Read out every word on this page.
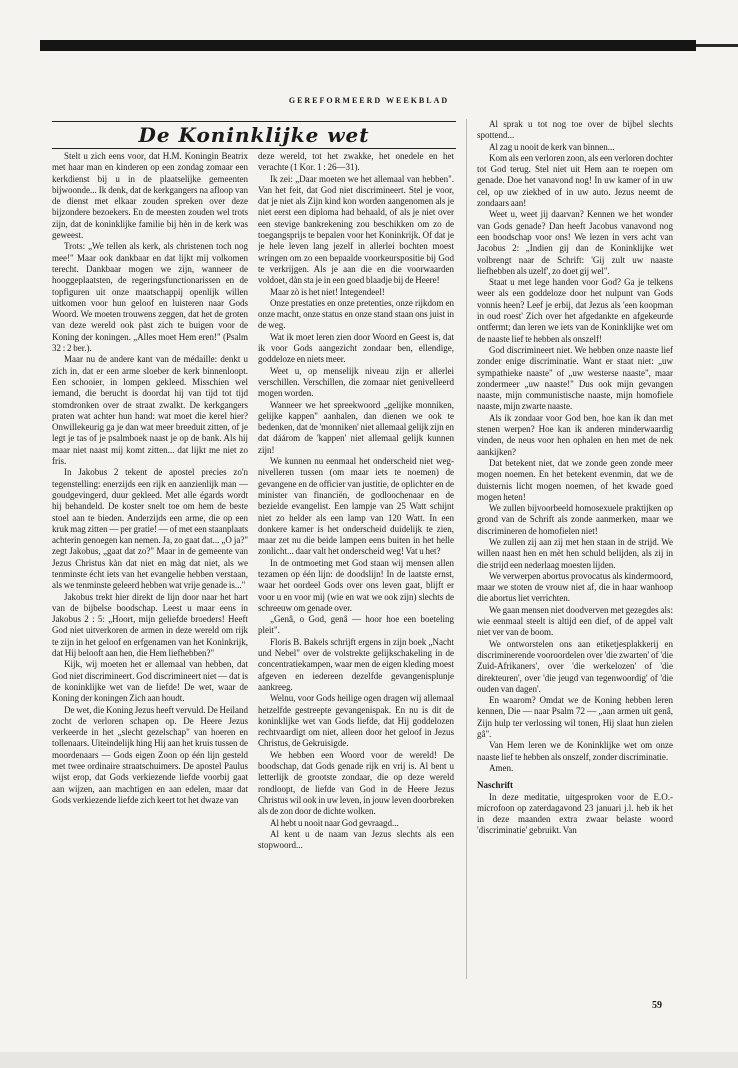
GEREFORMEERD WEEKBLAD
De Koninklijke wet

Stelt u zich eens voor, dat H.M. Koningin Beatrix met haar man en kinderen op een zondag zomaar een kerkdienst bij u in de plaatselijke gemeenten bijwoonde... Ik denk, dat de kerkgangers na afloop van de dienst met elkaar zouden spreken over deze bijzondere bezoekers. En de meesten zouden wel trots zijn, dat de koninklijke familie bij hèn in de kerk was geweest.

Trots: „We tellen als kerk, als christenen toch nog mee!" Maar ook dankbaar en dat lijkt mij volkomen terecht. Dankbaar mogen we zijn, wanneer de hooggeplaatsten, de regeringsfunctionarissen en de topfiguren uit onze maatschappij openlijk willen uitkomen voor hun geloof en luisteren naar Gods Woord. We moeten trouwens zeggen, dat het de groten van deze wereld ook pàst zich te buigen voor de Koning der koningen. „Alles moet Hem eren!" (Psalm 32 : 2 ber.).

Maar nu de andere kant van de médaille: denkt u zich in, dat er een arme sloeber de kerk binnenloopt. Een schooier, in lompen gekleed. Misschien wel iemand, die berucht is doordat hij van tijd tot tijd stomdronken over de straat zwalkt. De kerkgangers praten wat achter hun hand: wat moet die kerel hier? Onwillekeurig ga je dan wat meer breeduit zitten, of je legt je tas of je psalmboek naast je op de bank. Als hij maar niet naast mij komt zitten... dat lijkt me niet zo fris.

In Jakobus 2 tekent de apostel precies zo'n tegenstelling: enerzijds een rijk en aanzienlijk man — goudgevingerd, duur gekleed. Met alle égards wordt hij behandeld. De koster snelt toe om hem de beste stoel aan te bieden. Anderzijds een arme, die op een kruk mag zitten — per gratie! — of met een staanplaats achterin genoegen kan nemen. Ja, zo gaat dat... „O ja?" zegt Jakobus, „gaat dat zo?" Maar in de gemeente van Jezus Christus kàn dat niet en màg dat niet, als we tenminste écht iets van het evangelie hebben verstaan, als we tenminste geleerd hebben wat vrije genade is..."

Jakobus trekt hier direkt de lijn door naar het hart van de bijbelse boodschap. Leest u maar eens in Jakobus 2 : 5: „Hoort, mijn geliefde broeders! Heeft God niet uitverkoren de armen in deze wereld om rijk te zijn in het geloof en erfgenamen van het Koninkrijk, dat Hij belooft aan hen, die Hem liefhebben?"

Kijk, wij moeten het er allemaal van hebben, dat God niet discrimineert. God discrimineert niet — dat is de koninklijke wet van de liefde! De wet, waar de Koning der koningen Zich aan houdt.

De wet, die Koning Jezus heeft vervuld. De Heiland zocht de verloren schapen op. De Heere Jezus verkeerde in het „slecht gezelschap" van hoeren en tollenaars. Uiteindelijk hing Hij aan het kruis tussen de moordenaars — Gods eigen Zoon op één lijn gesteld met twee ordinaire straatschuimers. De apostel Paulus wijst erop, dat Gods verkiezende liefde voorbij gaat aan wijzen, aan machtigen en aan edelen, maar dat Gods verkiezende liefde zich keert tot het dwaze van

deze wereld, tot het zwakke, het onedele en het verachte (1 Kor. 1 : 26—31).

Ik zei: „Daar moeten we het allemaal van hebben". Van het feit, dat God niet discrimineert. Stel je voor, dat je niet als Zijn kind kon worden aangenomen als je niet eerst een diploma had behaald, of als je niet over een stevige bankrekening zou beschikken om zo de toegangsprijs te bepalen voor het Koninkrijk. Of dat je je hele leven lang jezelf in allerlei bochten moest wringen om zo een bepaalde voorkeurspositie bij God te verkrijgen. Als je aan die en die voorwaarden voldoet, dàn sta je in een goed blaadje bij de Heere!

Maar zò is het niet! Integendeel!

Onze prestaties en onze pretenties, onze rijkdom en onze macht, onze status en onze stand staan ons juist in de weg.

Wat ik moet leren zien door Woord en Geest is, dat ik voor Gods aangezicht zondaar ben, ellendige, goddeloze en niets meer.

Weet u, op menselijk niveau zijn er allerlei verschillen. Verschillen, die zomaar niet genivelleerd mogen worden.

Wanneer we het spreekwoord „gelijke monniken, gelijke kappen" aanhalen, dan dienen we ook te bedenken, dat de 'monniken' niet allemaal gelijk zijn en dat dáárom de 'kappen' niet allemaal gelijk kunnen zijn!

We kunnen nu eenmaal het onderscheid niet weg-nivelleren tussen (om maar iets te noemen) de gevangene en de officier van justitie, de oplichter en de minister van financiën, de godloochenaar en de bezielde evangelist. Een lampje van 25 Watt schijnt niet zo helder als een lamp van 120 Watt. In een donkere kamer is het onderscheid duidelijk te zien, maar zet nu die beide lampen eens buiten in het helle zonlicht... daar valt het onderscheid weg! Vat u het?

In de ontmoeting met God staan wij mensen allen tezamen op één lijn: de doodslijn! In de laatste ernst, waar het oordeel Gods over ons leven gaat, blijft er voor u en voor mij (wie en wat we ook zijn) slechts de schreeuw om genade over.

„Genâ, o God, genâ — hoor hoe een boeteling pleit".

Floris B. Bakels schrijft ergens in zijn boek „Nacht und Nebel" over de volstrekte gelijkschakeling in de concentratiekampen, waar men de eigen kleding moest afgeven en iedereen dezelfde gevangenisplunje aankreeg.

Welnu, voor Gods heilige ogen dragen wij allemaal hetzelfde gestreepte gevangenispak. En nu is dit de koninklijke wet van Gods liefde, dat Hij goddelozen rechtvaardigt om niet, alleen door het geloof in Jezus Christus, de Gekruisigde.

We hebben een Woord voor de wereld! De boodschap, dat Gods genade rijk en vrij is. Al bent u letterlijk de grootste zondaar, die op deze wereld rondloopt, de liefde van God in de Heere Jezus Christus wil ook in uw leven, in jouw leven doorbreken als de zon door de dichte wolken.

Al hebt u nooit naar God gevraagd...

Al kent u de naam van Jezus slechts als een stopwoord...

Al sprak u tot nog toe over de bijbel slechts spottend...

Al zag u nooit de kerk van binnen...

Kom als een verloren zoon, als een verloren dochter tot God terug. Stel niet uit Hem aan te roepen om genade. Doe het vanavond nog! In uw kamer of in uw cel, op uw ziekbed of in uw auto. Jezus neemt de zondaars aan!

Weet u, weet jij daarvan? Kennen we het wonder van Gods genade? Dan heeft Jacobus vanavond nog een boodschap voor ons! We lezen in vers acht van Jacobus 2: „Indien gij dan de Koninklijke wet volbrengt naar de Schrift: 'Gij zult uw naaste liefhebben als uzelf', zo doet gij wel".

Staat u met lege handen voor God? Ga je telkens weer als een goddeloze door het nulpunt van Gods vonnis heen? Leef je erbij, dat Jezus als 'een koopman in oud roest' Zich over het afgedankte en afgekeurde ontfermt; dan leren we iets van de Koninklijke wet om de naaste lief te hebben als onszelf!

God discrimineert niet. We hebben onze naaste lief zonder enige discriminatie. Want er staat niet: „uw sympathieke naaste" of „uw westerse naaste", maar zondermeer „uw naaste!" Dus ook mijn gevangen naaste, mijn communistische naaste, mijn homofiele naaste, mijn zwarte naaste.

Als ik zondaar voor God ben, hoe kan ik dan met stenen werpen? Hoe kan ik anderen minderwaardig vinden, de neus voor hen ophalen en hen met de nek aankijken?

Dat betekent niet, dat we zonde geen zonde meer mogen noemen. En het betekent evenmin, dat we de duisternis licht mogen noemen, of het kwade goed mogen heten!

We zullen bijvoorbeeld homosexuele praktijken op grond van de Schrift als zonde aanmerken, maar we discrimineren de homofielen niet!

We zullen zij aan zij met hen staan in de strijd. We willen naast hen en mèt hen schuld belijden, als zij in die strijd een nederlaag moesten lijden.

We verwerpen abortus provocatus als kindermoord, maar we stoten de vrouw niet af, die in haar wanhoop die abortus liet verrichten.

We gaan mensen niet doodverven met gezegdes als: wie eenmaal steelt is altijd een dief, of de appel valt niet ver van de boom.

We ontworstelen ons aan etiketjesplakkerij en discriminerende vooroordelen over 'die zwarten' of 'die Zuid-Afrikaners', over 'die werkelozen' of 'die direkteuren', over 'die jeugd van tegenwoordig' of 'die ouden van dagen'.

En waarom? Omdat we de Koning hebben leren kennen, Die — naar Psalm 72 — „aan armen uit genâ, Zijn hulp ter verlossing wil tonen, Hij slaat hun zielen gâ".

Van Hem leren we de Koninklijke wet om onze naaste lief te hebben als onszelf, zonder discriminatie.

Amen.

Naschrift

In deze meditatie, uitgesproken voor de E.O.-microfoon op zaterdagavond 23 januari j.l. heb ik het in deze maanden extra zwaar belaste woord 'discriminatie' gebruikt. Van

59
